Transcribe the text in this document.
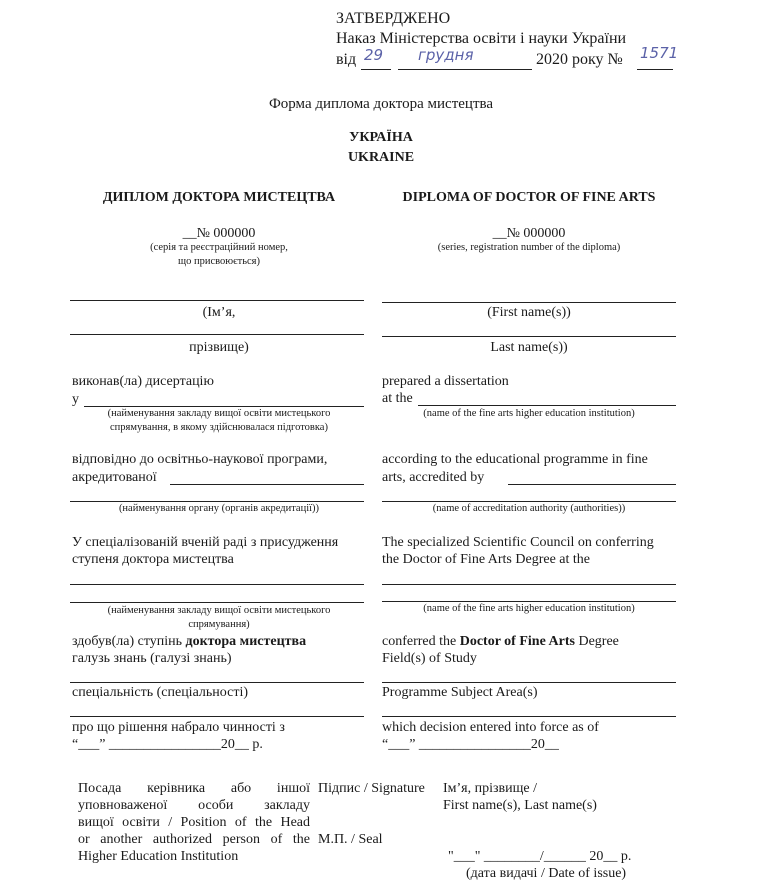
ЗАТВЕРДЖЕНО
Наказ Міністерства освіти і науки України
від 29 грудня	2020 року № 1571
Форма диплома доктора мистецтва
УКРАЇНА
UKRAINE
ДИПЛОМ ДОКТОРА МИСТЕЦТВА	DIPLOMA OF DOCTOR OF FINE ARTS
__№ 000000
(серія та реєстраційний номер,
що присвоюється)
__№ 000000
(series, registration number of the diploma)
(Ім’я,	(First name(s))
прізвище)	Last name(s))
виконав(ла) дисертацію
у
(найменування закладу вищої освіти мистецького
спрямування, в якому здійснювалася підготовка)
prepared a dissertation
at the
(name of the fine arts higher education institution)
відповідно до освітньо-наукової програми,
акредитованої
(найменування органу (органів акредитації))
according to the educational programme in fine
arts, accredited by
(name of accreditation authority (authorities))
У спеціалізованій вченій раді з присудження
ступеня доктора мистецтва
(найменування закладу вищої освіти мистецького
спрямування)
The specialized Scientific Council on conferring
the Doctor of Fine Arts Degree at the
(name of the fine arts higher education institution)
здобув(ла) ступінь доктора мистецтва
галузь знань (галузі знань)
conferred the Doctor of Fine Arts Degree
Field(s) of Study
спеціальність (спеціальності)	Programme Subject Area(s)
про що рішення набрало чинності з
“___” ________________20__ р.
which decision entered into force as of
“___” ________________20__
Посада керівника або іншої
уповноваженої особи закладу
вищої освіти / Position of the Head
or another authorized person of the
Higher Education Institution
Підпис / Signature
М.П. / Seal
Ім’я, прізвище /
First name(s), Last name(s)
"___" ________/______ 20__ р.
(дата видачі / Date of issue)
